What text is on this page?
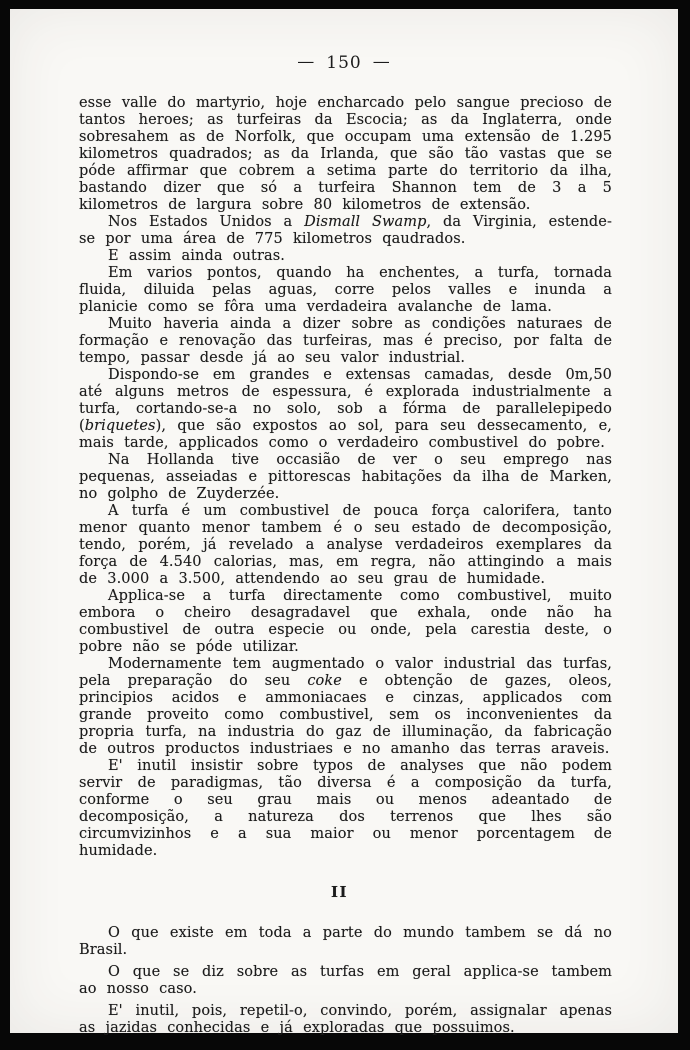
— 150 —

esse valle do martyrio, hoje encharcado pelo sangue precioso de tantos heroes; as turfeiras da Escocia; as da Inglaterra, onde sobresahem as de Norfolk, que occupam uma extensão de 1.295 kilometros quadrados; as da Irlanda, que são tão vastas que se póde affirmar que cobrem a setima parte do territorio da ilha, bastando dizer que só a turfeira Shannon tem de 3 a 5 kilometros de largura sobre 80 kilometros de extensão.

Nos Estados Unidos a Dismall Swamp, da Virginia, estende-se por uma área de 775 kilometros qaudrados.

E assim ainda outras.

Em varios pontos, quando ha enchentes, a turfa, tornada fluida, diluida pelas aguas, corre pelos valles e inunda a planicie como se fôra uma verdadeira avalanche de lama.

Muito haveria ainda a dizer sobre as condições naturaes de formação e renovação das turfeiras, mas é preciso, por falta de tempo, passar desde já ao seu valor industrial.

Dispondo-se em grandes e extensas camadas, desde 0m,50 até alguns metros de espessura, é explorada industrialmente a turfa, cortando-se-a no solo, sob a fórma de parallelepipedo (briquetes), que são expostos ao sol, para seu dessecamento, e, mais tarde, applicados como o verdadeiro combustivel do pobre.

Na Hollanda tive occasião de ver o seu emprego nas pequenas, asseiadas e pittorescas habitações da ilha de Marken, no golpho de Zuyderzée.

A turfa é um combustivel de pouca força calorifera, tanto menor quanto menor tambem é o seu estado de decomposição, tendo, porém, já revelado a analyse verdadeiros exemplares da força de 4.540 calorias, mas, em regra, não attingindo a mais de 3.000 a 3.500, attendendo ao seu grau de humidade.

Applica-se a turfa directamente como combustivel, muito embora o cheiro desagradavel que exhala, onde não ha combustivel de outra especie ou onde, pela carestia deste, o pobre não se póde utilizar.

Modernamente tem augmentado o valor industrial das turfas, pela preparação do seu coke e obtenção de gazes, oleos, principios acidos e ammoniacaes e cinzas, applicados com grande proveito como combustivel, sem os inconvenientes da propria turfa, na industria do gaz de illuminação, da fabricação de outros productos industriaes e no amanho das terras araveis.

E' inutil insistir sobre typos de analyses que não podem servir de paradigmas, tão diversa é a composição da turfa, conforme o seu grau mais ou menos adeantado de decomposição, a natureza dos terrenos que lhes são circumvizinhos e a sua maior ou menor porcentagem de humidade.

II

O que existe em toda a parte do mundo tambem se dá no Brasil.

O que se diz sobre as turfas em geral applica-se tambem ao nosso caso.

E' inutil, pois, repetil-o, convindo, porém, assignalar apenas as jazidas conhecidas e já exploradas que possuimos.
